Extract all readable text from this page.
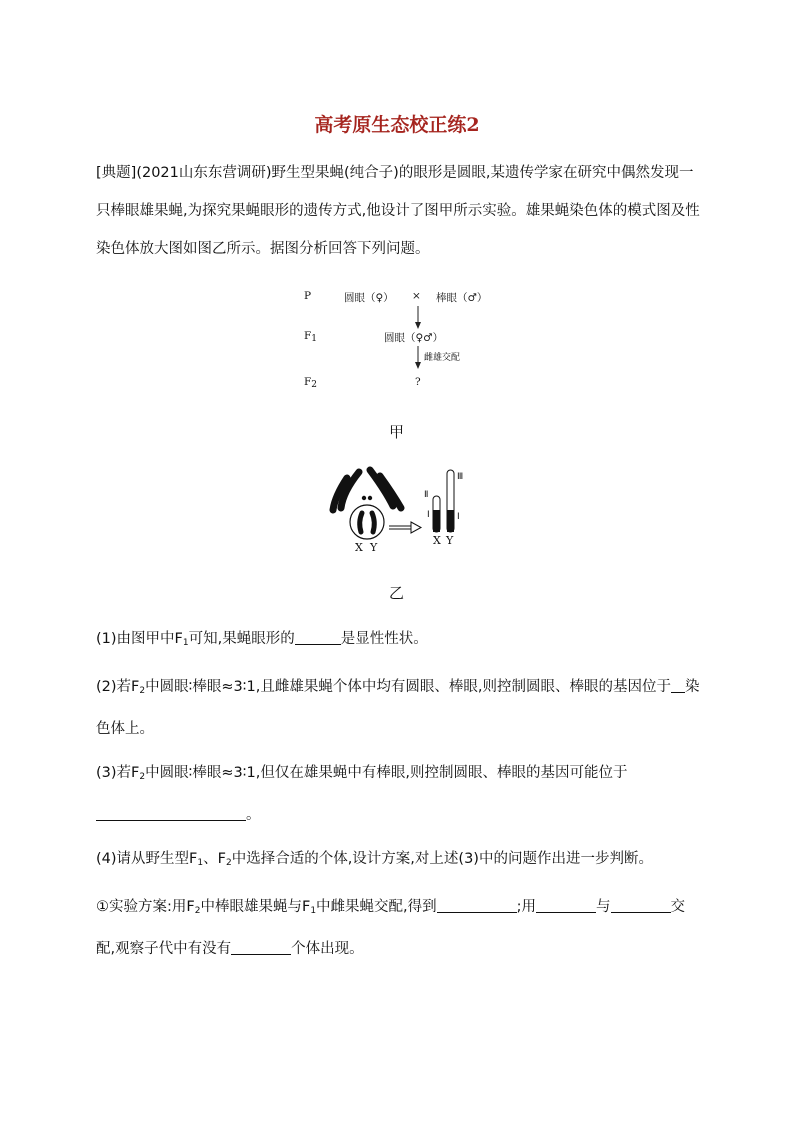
高考原生态校正练2

[典题](2021山东东营调研)野生型果蝇(纯合子)的眼形是圆眼,某遗传学家在研究中偶然发现一只棒眼雄果蝇,为探究果蝇眼形的遗传方式,他设计了图甲所示实验。雄果蝇染色体的模式图及性染色体放大图如图乙所示。据图分析回答下列问题。

P	圆眼（♀） × 棒眼（♂）
$F_1$	圆眼（♀♂）
雌雄交配
$F_2$	?
甲
Ⅱ
Ⅰ
Ⅲ
Ⅰ
X Y
X Y
乙

(1)由图甲中$F_1$可知,果蝇眼形的	是显性性状。

(2)若$F_2$中圆眼∶棒眼≈3∶1,且雌雄果蝇个体中均有圆眼、棒眼,则控制圆眼、棒眼的基因位于 染色体上。

(3)若$F_2$中圆眼∶棒眼≈3∶1,但仅在雄果蝇中有棒眼,则控制圆眼、棒眼的基因可能位于。

(4)请从野生型$F_1$、$F_2$中选择合适的个体,设计方案,对上述(3)中的问题作出进一步判断。

①实验方案:用$F_2$中棒眼雄果蝇与$F_1$中雌果蝇交配,得到	;用	与	交配,观察子代中有没有	个体出现。
